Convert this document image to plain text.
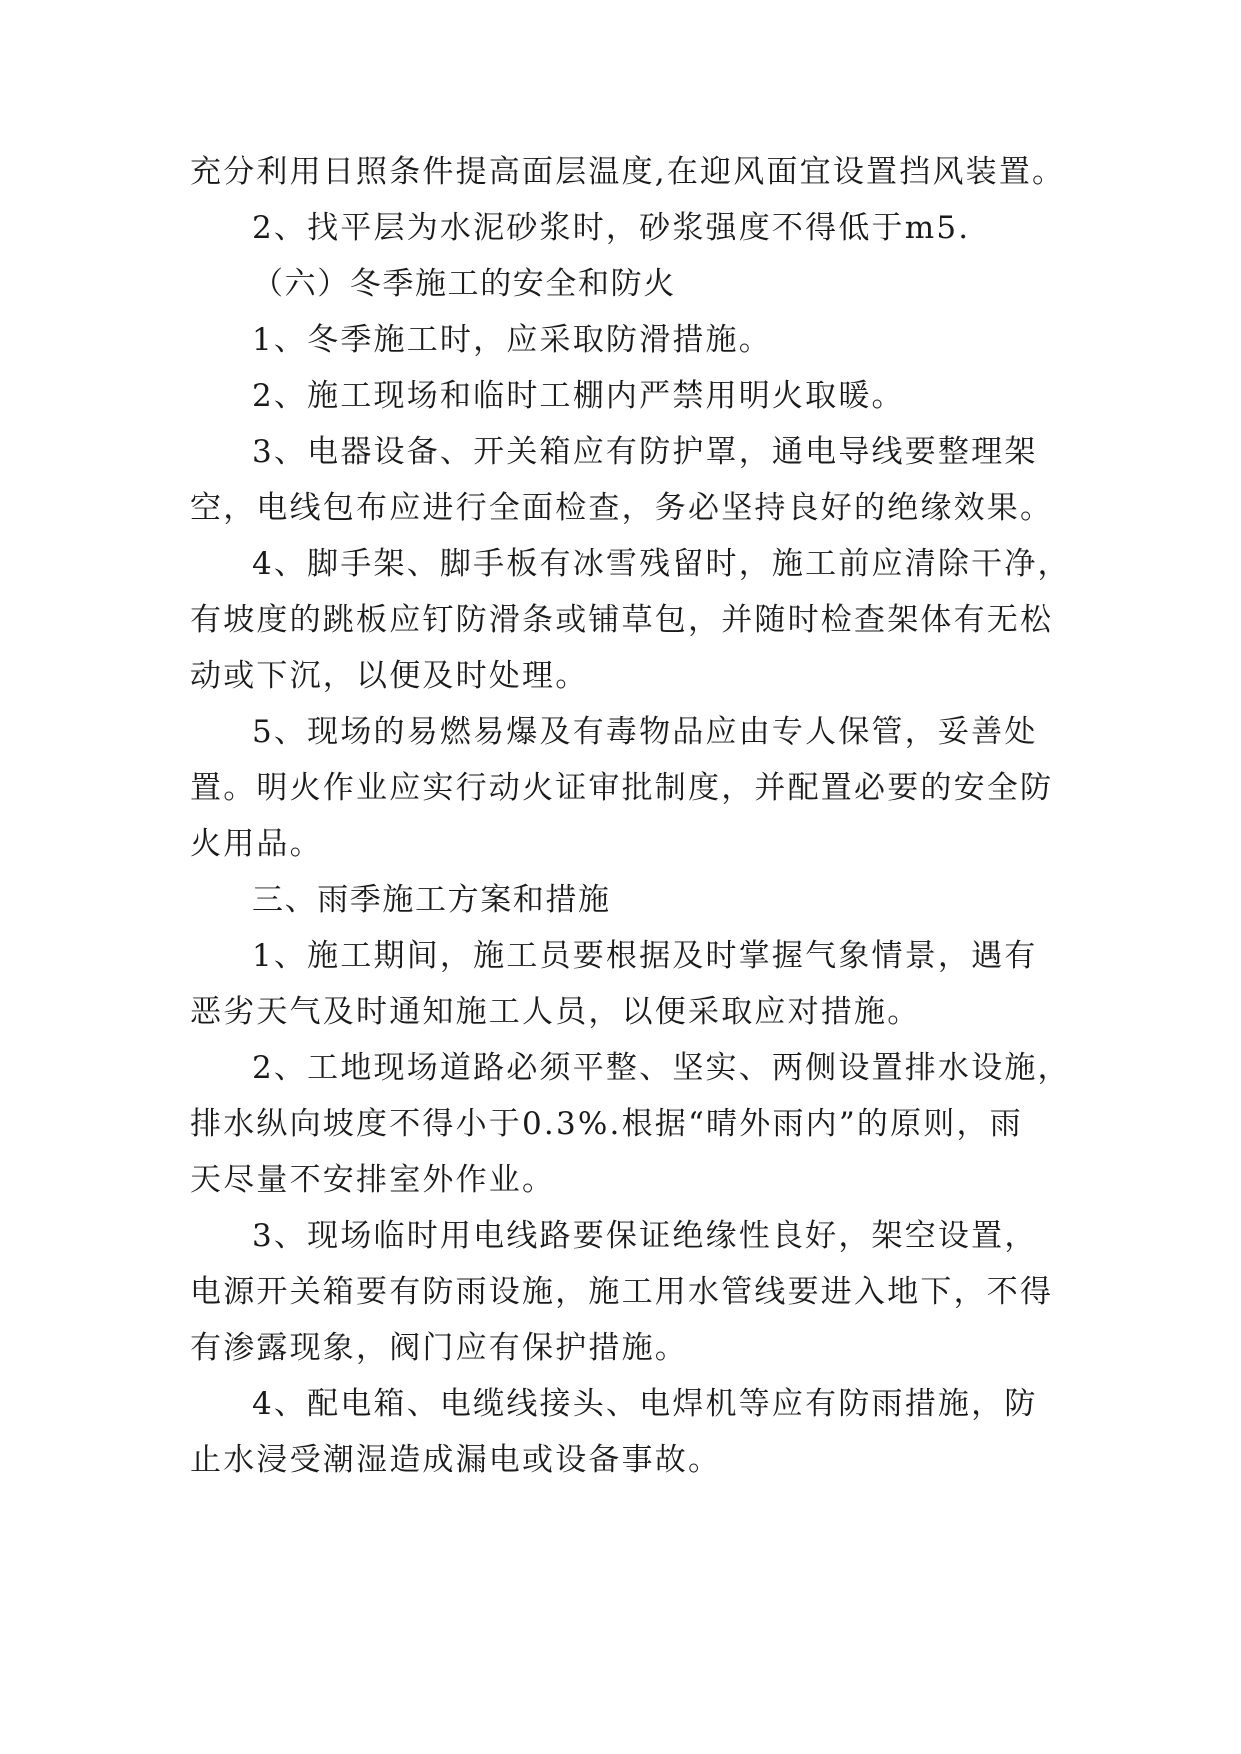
充分利用日照条件提高面层温度,在迎风面宜设置挡风装置。
2、找平层为水泥砂浆时，砂浆强度不得低于m5.
（六）冬季施工的安全和防火
1、冬季施工时，应采取防滑措施。
2、施工现场和临时工棚内严禁用明火取暖。
3、电器设备、开关箱应有防护罩，通电导线要整理架
空，电线包布应进行全面检查，务必坚持良好的绝缘效果。
4、脚手架、脚手板有冰雪残留时，施工前应清除干净，
有坡度的跳板应钉防滑条或铺草包，并随时检查架体有无松
动或下沉，以便及时处理。
5、现场的易燃易爆及有毒物品应由专人保管，妥善处
置。明火作业应实行动火证审批制度，并配置必要的安全防
火用品。
三、雨季施工方案和措施
1、施工期间，施工员要根据及时掌握气象情景，遇有
恶劣天气及时通知施工人员，以便采取应对措施。
2、工地现场道路必须平整、坚实、两侧设置排水设施，
排水纵向坡度不得小于0.3%.根据“晴外雨内”的原则，雨
天尽量不安排室外作业。
3、现场临时用电线路要保证绝缘性良好，架空设置，
电源开关箱要有防雨设施，施工用水管线要进入地下，不得
有渗露现象，阀门应有保护措施。
4、配电箱、电缆线接头、电焊机等应有防雨措施，防
止水浸受潮湿造成漏电或设备事故。
